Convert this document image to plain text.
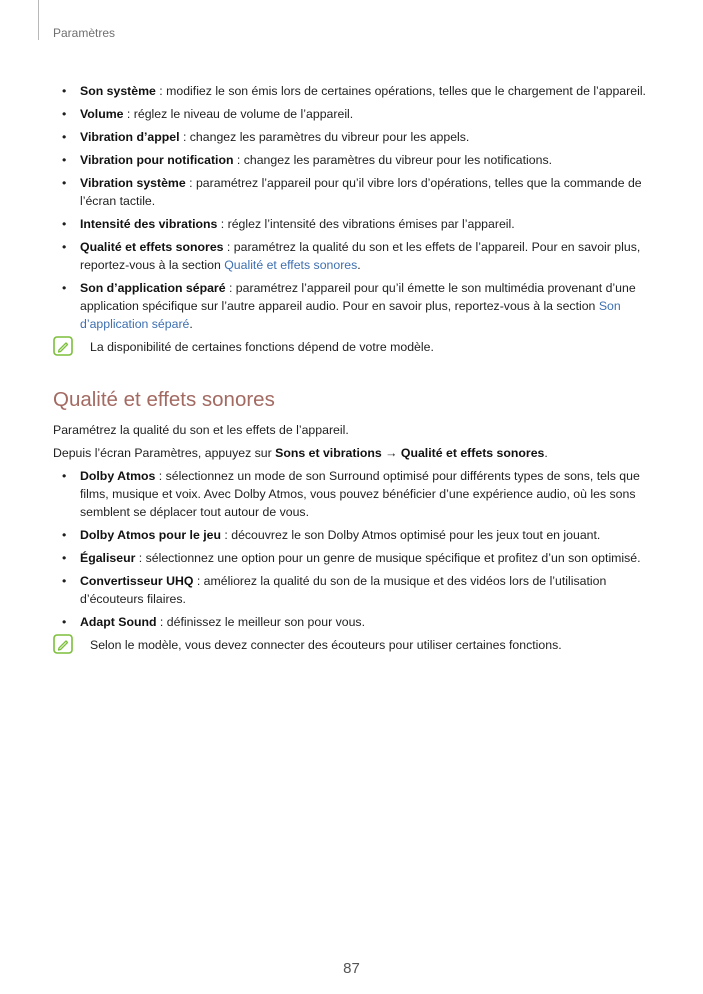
Paramètres
• Son système : modifiez le son émis lors de certaines opérations, telles que le chargement de l’appareil.
• Volume : réglez le niveau de volume de l’appareil.
• Vibration d’appel : changez les paramètres du vibreur pour les appels.
• Vibration pour notification : changez les paramètres du vibreur pour les notifications.
• Vibration système : paramétrez l’appareil pour qu’il vibre lors d’opérations, telles que la commande de l’écran tactile.
• Intensité des vibrations : réglez l’intensité des vibrations émises par l’appareil.
• Qualité et effets sonores : paramétrez la qualité du son et les effets de l’appareil. Pour en savoir plus, reportez-vous à la section Qualité et effets sonores.
• Son d’application séparé : paramétrez l’appareil pour qu’il émette le son multimédia provenant d’une application spécifique sur l’autre appareil audio. Pour en savoir plus, reportez-vous à la section Son d’application séparé.
La disponibilité de certaines fonctions dépend de votre modèle.
Qualité et effets sonores

Paramétrez la qualité du son et les effets de l’appareil.

Depuis l’écran Paramètres, appuyez sur Sons et vibrations → Qualité et effets sonores.

• Dolby Atmos : sélectionnez un mode de son Surround optimisé pour différents types de sons, tels que films, musique et voix. Avec Dolby Atmos, vous pouvez bénéficier d’une expérience audio, où les sons semblent se déplacer tout autour de vous.
• Dolby Atmos pour le jeu : découvrez le son Dolby Atmos optimisé pour les jeux tout en jouant.
• Égaliseur : sélectionnez une option pour un genre de musique spécifique et profitez d’un son optimisé.
• Convertisseur UHQ : améliorez la qualité du son de la musique et des vidéos lors de l’utilisation d’écouteurs filaires.
• Adapt Sound : définissez le meilleur son pour vous.
Selon le modèle, vous devez connecter des écouteurs pour utiliser certaines fonctions.
87
